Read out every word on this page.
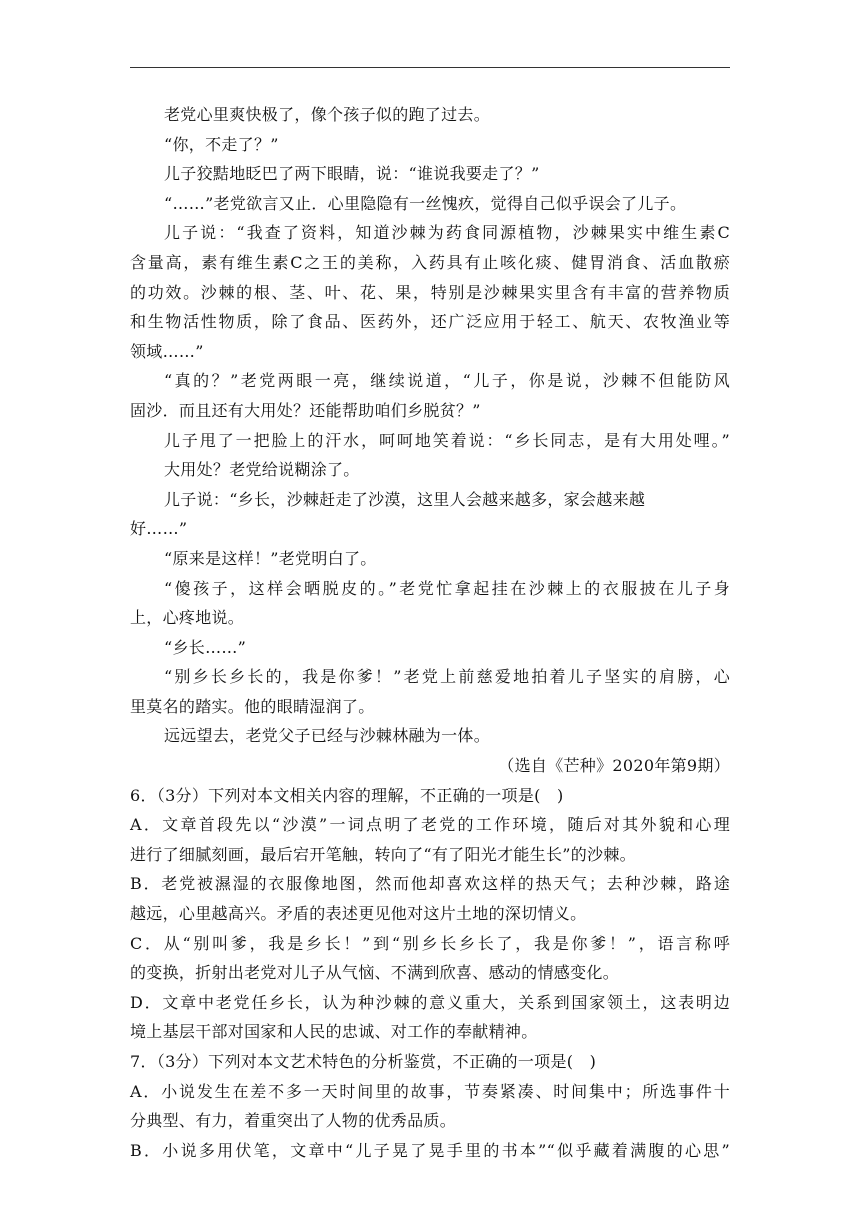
老党心里爽快极了，像个孩子似的跑了过去。
“你，不走了？”
儿子狡黠地眨巴了两下眼睛，说：“谁说我要走了？”
“……”老党欲言又止．心里隐隐有一丝愧疚，觉得自己似乎误会了儿子。
儿子说：“我查了资料，知道沙棘为药食同源植物，沙棘果实中维生素C
含量高，素有维生素C之王的美称，入药具有止咳化痰、健胃消食、活血散瘀
的功效。沙棘的根、茎、叶、花、果，特别是沙棘果实里含有丰富的营养物质
和生物活性物质，除了食品、医药外，还广泛应用于轻工、航天、农牧渔业等
领域……”
“真的？”老党两眼一亮，继续说道，“儿子，你是说，沙棘不但能防风
固沙．而且还有大用处？还能帮助咱们乡脱贫？”
儿子甩了一把脸上的汗水，呵呵地笑着说：“乡长同志，是有大用处哩。”
大用处？老党给说糊涂了。
儿子说：“乡长，沙棘赶走了沙漠，这里人会越来越多，家会越来越
好……”
“原来是这样！”老党明白了。
“傻孩子，这样会晒脱皮的。”老党忙拿起挂在沙棘上的衣服披在儿子身
上，心疼地说。
“乡长……”
“别乡长乡长的，我是你爹！”老党上前慈爱地拍着儿子坚实的肩膀，心
里莫名的踏实。他的眼睛湿润了。
远远望去，老党父子已经与沙棘林融为一体。
（选自《芒种》2020年第9期）
6．（3分）下列对本文相关内容的理解，不正确的一项是(　)
A．文章首段先以“沙漠”一词点明了老党的工作环境，随后对其外貌和心理
进行了细腻刻画，最后宕开笔触，转向了“有了阳光才能生长”的沙棘。
B．老党被濕湿的衣服像地图，然而他却喜欢这样的热天气；去种沙棘，路途
越远，心里越高兴。矛盾的表述更见他对这片土地的深切情义。
C．从“别叫爹，我是乡长！”到“别乡长乡长了，我是你爹！”，语言称呼
的变换，折射出老党对儿子从气恼、不满到欣喜、感动的情感变化。
D．文章中老党任乡长，认为种沙棘的意义重大，关系到国家领土，这表明边
境上基层干部对国家和人民的忠诚、对工作的奉献精神。
7．（3分）下列对本文艺术特色的分析鉴赏，不正确的一项是(　)
A．小说发生在差不多一天时间里的故事，节奏紧凑、时间集中；所选事件十
分典型、有力，着重突出了人物的优秀品质。
B．小说多用伏笔，文章中“儿子晃了晃手里的书本”“似乎藏着满腹的心思”
